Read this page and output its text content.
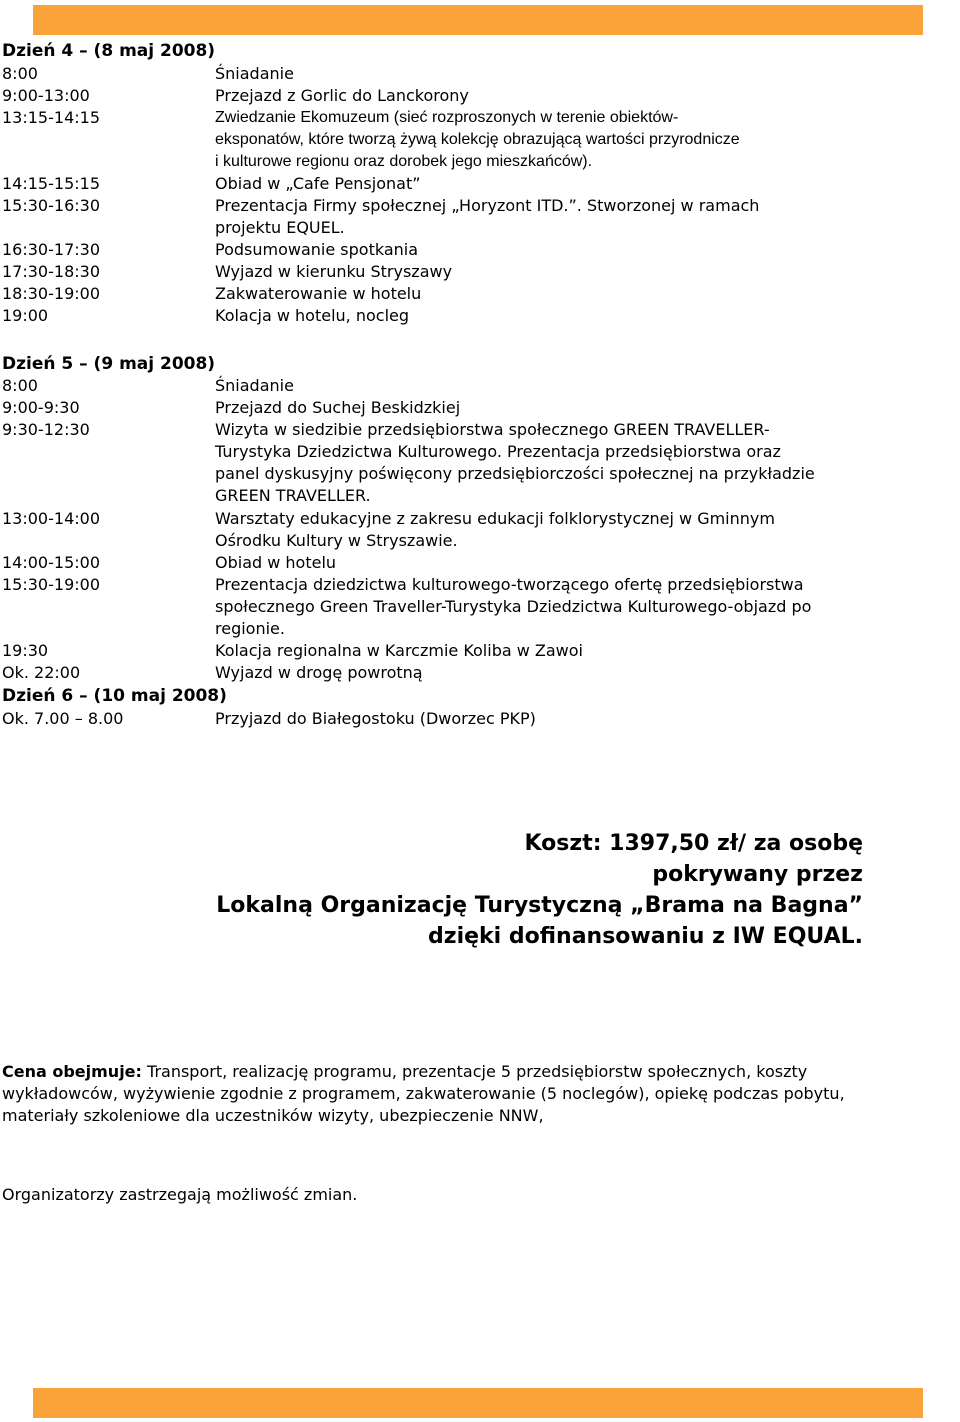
Dzień 4 – (8 maj 2008)
8:00	Śniadanie
9:00-13:00	Przejazd z Gorlic do Lanckorony
13:15-14:15	Zwiedzanie Ekomuzeum (sieć rozproszonych w terenie obiektów-
eksponatów, które tworzą żywą kolekcję obrazującą wartości przyrodnicze
i kulturowe regionu oraz dorobek jego mieszkańców).
14:15-15:15	Obiad w „Cafe Pensjonat”
15:30-16:30	Prezentacja Firmy społecznej „Horyzont ITD.”. Stworzonej w ramach
projektu EQUEL.
16:30-17:30	Podsumowanie spotkania
17:30-18:30	Wyjazd w kierunku Stryszawy
18:30-19:00	Zakwaterowanie w hotelu
19:00	Kolacja w hotelu, nocleg
Dzień 5 – (9 maj 2008)
8:00	Śniadanie
9:00-9:30	Przejazd do Suchej Beskidzkiej
9:30-12:30	Wizyta w siedzibie przedsiębiorstwa społecznego GREEN TRAVELLER-
Turystyka Dziedzictwa Kulturowego. Prezentacja przedsiębiorstwa oraz
panel dyskusyjny poświęcony przedsiębiorczości społecznej na przykładzie
GREEN TRAVELLER.
13:00-14:00	Warsztaty edukacyjne z zakresu edukacji folklorystycznej w Gminnym
Ośrodku Kultury w Stryszawie.
14:00-15:00	Obiad w hotelu
15:30-19:00	Prezentacja dziedzictwa kulturowego-tworzącego ofertę przedsiębiorstwa
społecznego Green Traveller-Turystyka Dziedzictwa Kulturowego-objazd po
regionie.
19:30	Kolacja regionalna w Karczmie Koliba w Zawoi
Ok. 22:00	Wyjazd w drogę powrotną
Dzień 6 – (10 maj 2008)
Ok. 7.00 – 8.00	Przyjazd do Białegostoku (Dworzec PKP)
Koszt: 1397,50 zł/ za osobę
pokrywany przez
Lokalną Organizację Turystyczną „Brama na Bagna”
dzięki dofinansowaniu z IW EQUAL.
Cena obejmuje: Transport, realizację programu, prezentacje 5 przedsiębiorstw społecznych, koszty wykładowców, wyżywienie zgodnie z programem, zakwaterowanie (5 noclegów), opiekę podczas pobytu, materiały szkoleniowe dla uczestników wizyty, ubezpieczenie NNW,
Organizatorzy zastrzegają możliwość zmian.
